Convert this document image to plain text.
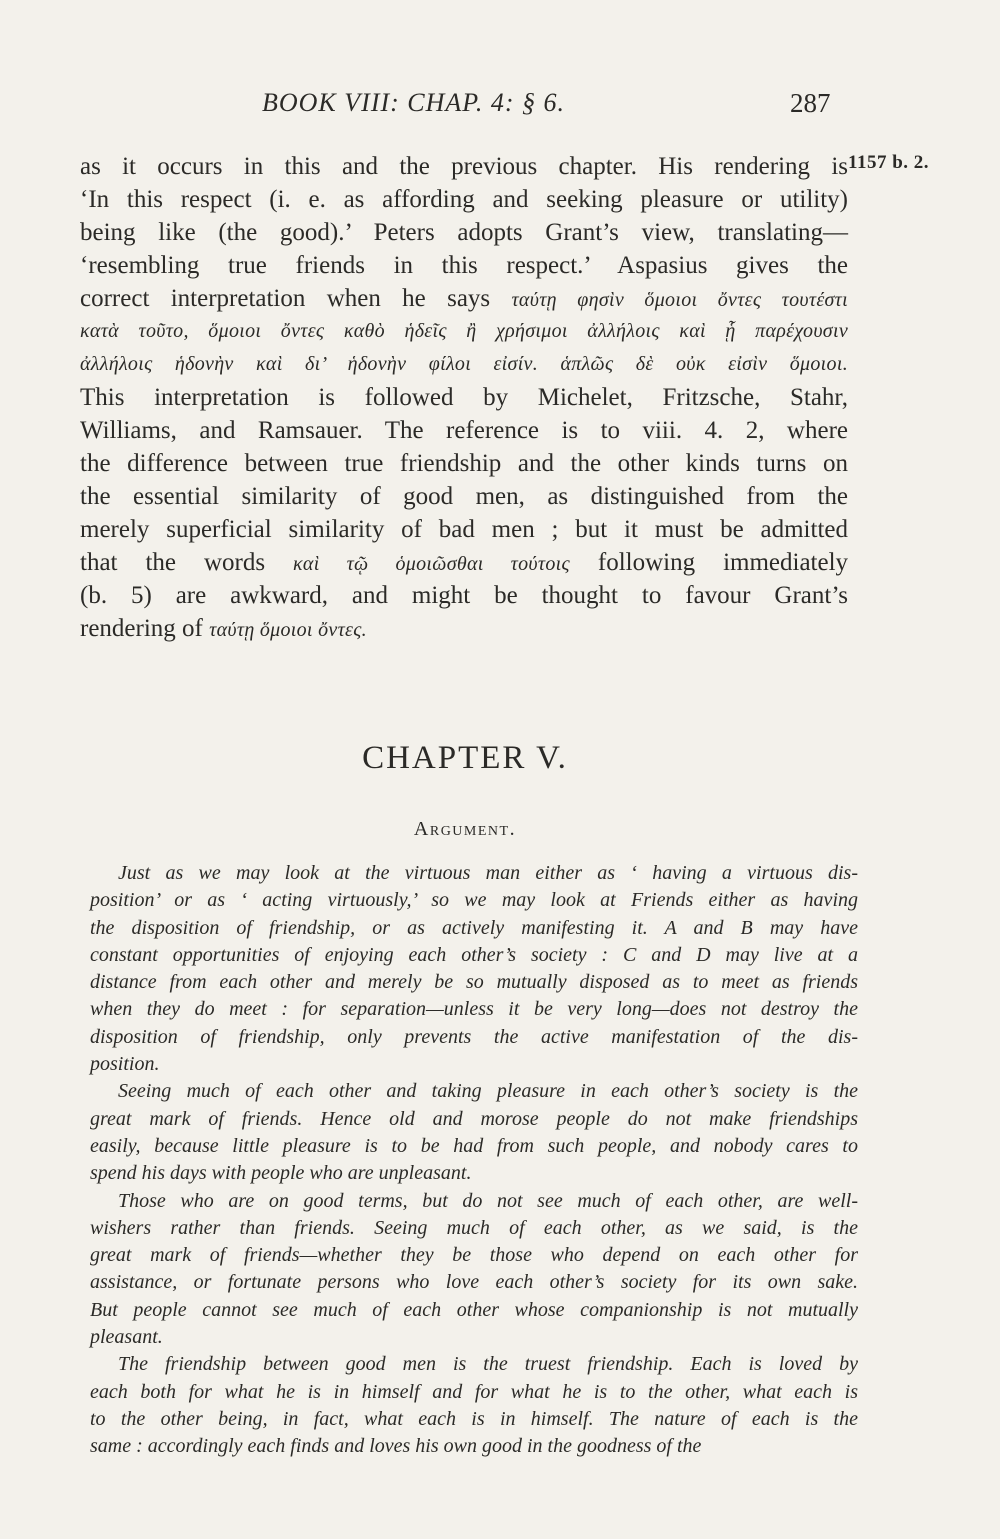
BOOK VIII: CHAP. 4: § 6.	287
1157 b. 2.
as it occurs in this and the previous chapter. His rendering is
‘In this respect (i. e. as affording and seeking pleasure or utility)
being like (the good).’ Peters adopts Grant’s view, translating—
‘resembling true friends in this respect.’ Aspasius gives the
correct interpretation when he says ταύτῃ φησὶν ὅμοιοι ὄντες τουτέστι
κατὰ τοῦτο, ὅμοιοι ὄντες καθὸ ἡδεῖς ἢ χρήσιμοι ἀλλήλοις καὶ ᾗ παρέχουσιν
ἀλλήλοις ἡδονὴν καὶ δι’ ἡδονὴν φίλοι εἰσίν. ἁπλῶς δὲ οὐκ εἰσὶν ὅμοιοι.
This interpretation is followed by Michelet, Fritzsche, Stahr,
Williams, and Ramsauer. The reference is to viii. 4. 2, where
the difference between true friendship and the other kinds turns on
the essential similarity of good men, as distinguished from the
merely superficial similarity of bad men ; but it must be admitted
that the words καὶ τῷ ὁμοιῶσθαι τούτοις following immediately
(b. 5) are awkward, and might be thought to favour Grant’s
rendering of ταύτῃ ὅμοιοι ὄντες.
CHAPTER V.
Argument.
Just as we may look at the virtuous man either as ‘ having a virtuous dis-
position’ or as ‘ acting virtuously,’ so we may look at Friends either as having
the disposition of friendship, or as actively manifesting it. A and B may have
constant opportunities of enjoying each other’s society : C and D may live at a
distance from each other and merely be so mutually disposed as to meet as friends
when they do meet : for separation—unless it be very long—does not destroy the
disposition of friendship, only prevents the active manifestation of the dis-
position.
Seeing much of each other and taking pleasure in each other’s society is the
great mark of friends. Hence old and morose people do not make friendships
easily, because little pleasure is to be had from such people, and nobody cares to
spend his days with people who are unpleasant.
Those who are on good terms, but do not see much of each other, are well-
wishers rather than friends. Seeing much of each other, as we said, is the
great mark of friends—whether they be those who depend on each other for
assistance, or fortunate persons who love each other’s society for its own sake.
But people cannot see much of each other whose companionship is not mutually
pleasant.
The friendship between good men is the truest friendship. Each is loved by
each both for what he is in himself and for what he is to the other, what each is
to the other being, in fact, what each is in himself. The nature of each is the
same : accordingly each finds and loves his own good in the goodness of the
